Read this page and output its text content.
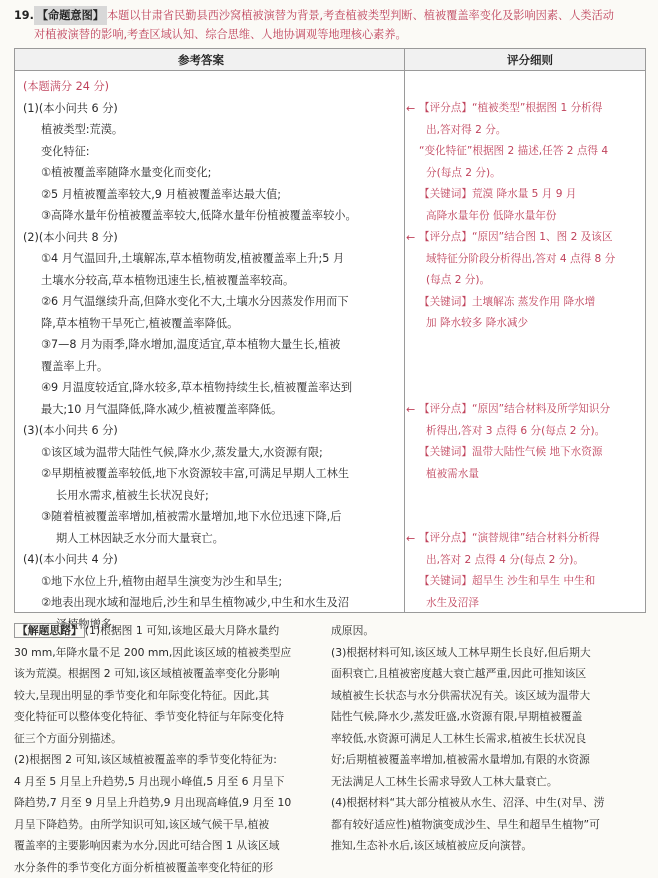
19. 【命题意图】 本题以甘肃省民勤县西沙窝植被演替为背景,考查植被类型判断、植被覆盖率变化及影响因素、人类活动
对植被演替的影响,考查区域认知、综合思维、人地协调观等地理核心素养。
参考答案	评分细则
(本题满分 24 分)
(1)(本小问共 6 分)
植被类型:荒漠。
变化特征:
①植被覆盖率随降水量变化而变化;
②5 月植被覆盖率较大,9 月植被覆盖率达最大值;
③高降水量年份植被覆盖率较大,低降水量年份植被覆盖率较小。
(2)(本小问共 8 分)
①4 月气温回升,土壤解冻,草本植物萌发,植被覆盖率上升;5 月
土壤水分较高,草本植物迅速生长,植被覆盖率较高。
②6 月气温继续升高,但降水变化不大,土壤水分因蒸发作用而下
降,草本植物干旱死亡,植被覆盖率降低。
③7—8 月为雨季,降水增加,温度适宜,草本植物大量生长,植被
覆盖率上升。
④9 月温度较适宜,降水较多,草本植物持续生长,植被覆盖率达到
最大;10 月气温降低,降水减少,植被覆盖率降低。
(3)(本小问共 6 分)
①该区域为温带大陆性气候,降水少,蒸发量大,水资源有限;
②早期植被覆盖率较低,地下水资源较丰富,可满足早期人工林生
长用水需求,植被生长状况良好;
③随着植被覆盖率增加,植被需水量增加,地下水位迅速下降,后
期人工林因缺乏水分而大量衰亡。
(4)(本小问共 4 分)
①地下水位上升,植物由超旱生演变为沙生和旱生;
②地表出现水域和湿地后,沙生和旱生植物减少,中生和水生及沼
泽植物增多。
← 【评分点】“植被类型”根据图 1 分析得
出,答对得 2 分。
“变化特征”根据图 2 描述,任答 2 点得 4
分(每点 2 分)。
【关键词】荒漠 降水量 5 月 9 月
高降水量年份 低降水量年份
← 【评分点】“原因”结合图 1、图 2 及该区
域特征分阶段分析得出,答对 4 点得 8 分
(每点 2 分)。
【关键词】土壤解冻 蒸发作用 降水增
加 降水较多 降水减少
← 【评分点】“原因”结合材料及所学知识分
析得出,答对 3 点得 6 分(每点 2 分)。
【关键词】温带大陆性气候 地下水资源
植被需水量
← 【评分点】“演替规律”结合材料分析得
出,答对 2 点得 4 分(每点 2 分)。
【关键词】超旱生 沙生和旱生 中生和
水生及沼泽
【解题思路】 (1)根据图 1 可知,该地区最大月降水量约
30 mm,年降水量不足 200 mm,因此该区域的植被类型应
该为荒漠。根据图 2 可知,该区域植被覆盖率变化分影响
较大,呈现出明显的季节变化和年际变化特征。因此,其
变化特征可以整体变化特征、季节变化特征与年际变化特
征三个方面分别描述。
(2)根据图 2 可知,该区域植被覆盖率的季节变化特征为:
4 月至 5 月呈上升趋势,5 月出现小峰值,5 月至 6 月呈下
降趋势,7 月至 9 月呈上升趋势,9 月出现高峰值,9 月至 10
月呈下降趋势。由所学知识可知,该区域气候干旱,植被
覆盖率的主要影响因素为水分,因此可结合图 1 从该区域
水分条件的季节变化方面分析植被覆盖率变化特征的形
成原因。
(3)根据材料可知,该区域人工林早期生长良好,但后期大
面积衰亡,且植被密度越大衰亡越严重,因此可推知该区
域植被生长状态与水分供需状况有关。该区域为温带大
陆性气候,降水少,蒸发旺盛,水资源有限,早期植被覆盖
率较低,水资源可满足人工林生长需求,植被生长状况良
好;后期植被覆盖率增加,植被需水量增加,有限的水资源
无法满足人工林生长需求导致人工林大量衰亡。
(4)根据材料“其大部分植被从水生、沼泽、中生(对旱、涝
都有较好适应性)植物演变成沙生、旱生和超旱生植物”可
推知,生态补水后,该区域植被应反向演替。
